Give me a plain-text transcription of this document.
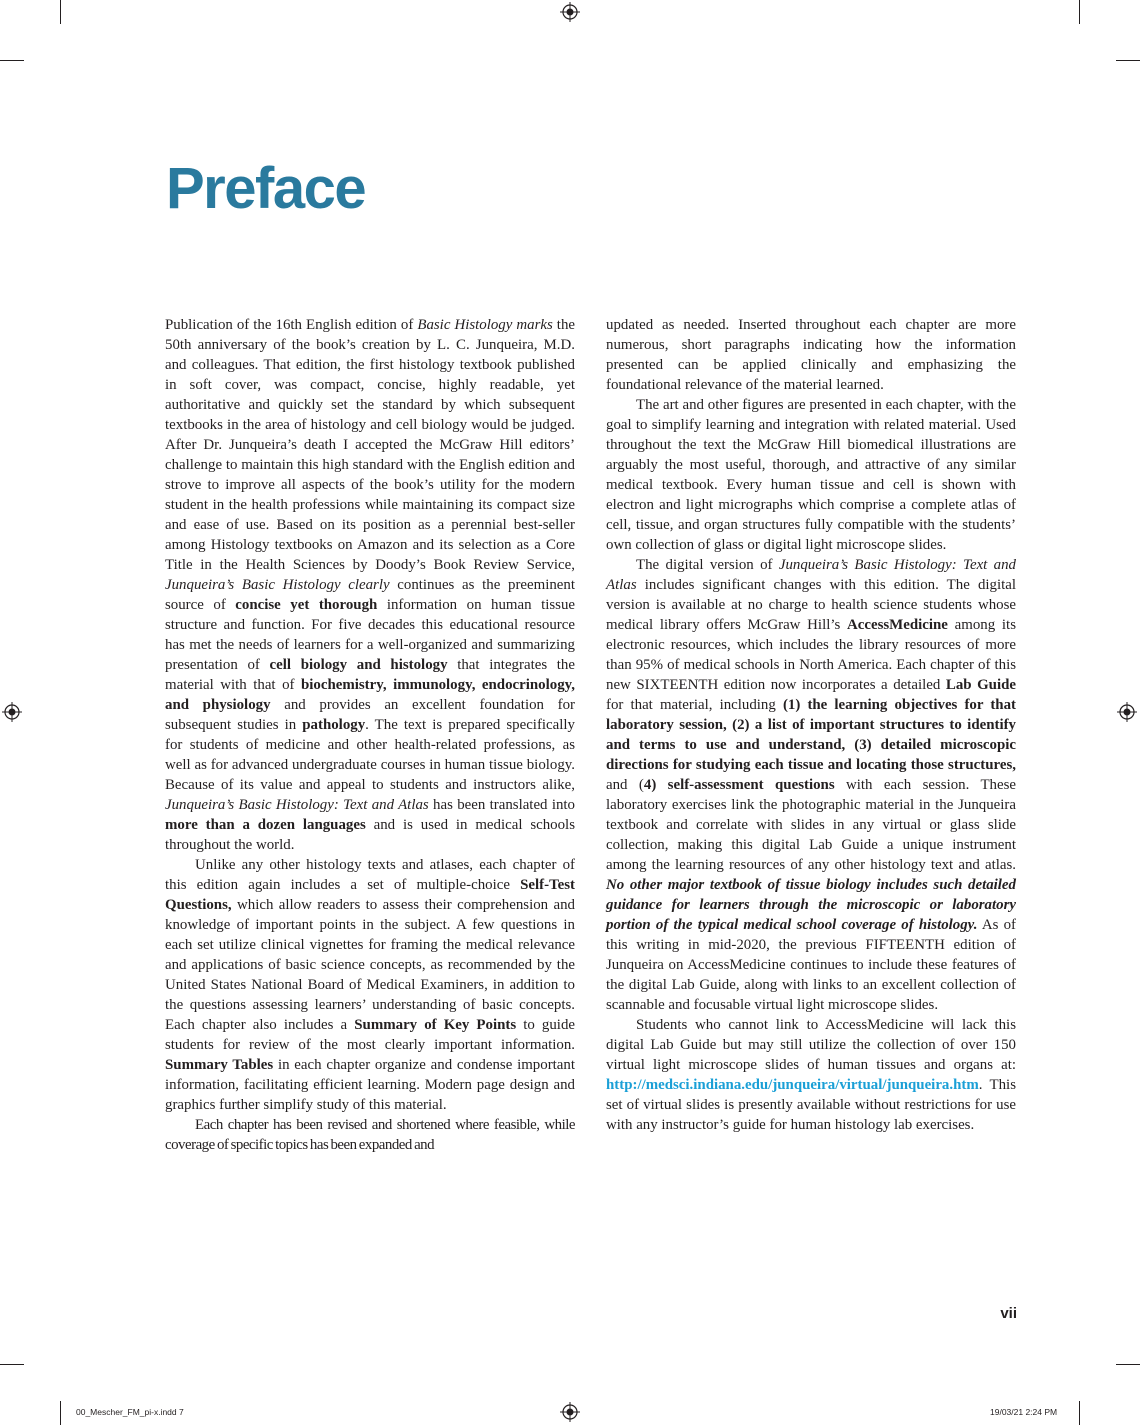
Preface

Publication of the 16th English edition of Basic Histology marks the 50th anniversary of the book’s creation by L. C. Junqueira, M.D. and colleagues. That edition, the first histology textbook published in soft cover, was compact, concise, highly readable, yet authoritative and quickly set the standard by which subsequent textbooks in the area of histology and cell biology would be judged. After Dr. Junqueira’s death I accepted the McGraw Hill editors’ challenge to maintain this high standard with the English edition and strove to improve all aspects of the book’s utility for the modern student in the health professions while maintaining its compact size and ease of use. Based on its position as a perennial best-seller among Histology textbooks on Amazon and its selection as a Core Title in the Health Sciences by Doody’s Book Review Service, Junqueira’s Basic Histology clearly continues as the preeminent source of concise yet thorough information on human tissue structure and function. For five decades this educational resource has met the needs of learners for a well-organized and summarizing presentation of cell biology and histology that integrates the material with that of biochemistry, immunology, endocrinology, and physiology and provides an excellent foundation for subsequent studies in pathology. The text is prepared specifically for students of medicine and other health-related professions, as well as for advanced undergraduate courses in human tissue biology. Because of its value and appeal to students and instructors alike, Junqueira’s Basic Histology: Text and Atlas has been translated into more than a dozen languages and is used in medical schools throughout the world.

Unlike any other histology texts and atlases, each chapter of this edition again includes a set of multiple-choice Self-Test Questions, which allow readers to assess their comprehension and knowledge of important points in the subject. A few questions in each set utilize clinical vignettes for framing the medical relevance and applications of basic science concepts, as recommended by the United States National Board of Medical Examiners, in addition to the questions assessing learners’ understanding of basic concepts. Each chapter also includes a Summary of Key Points to guide students for review of the most clearly important information. Summary Tables in each chapter organize and condense important information, facilitating efficient learning. Modern page design and graphics further simplify study of this material.

Each chapter has been revised and shortened where feasible, while coverage of specific topics has been expanded and

updated as needed. Inserted throughout each chapter are more numerous, short paragraphs indicating how the information presented can be applied clinically and emphasizing the foundational relevance of the material learned.

The art and other figures are presented in each chapter, with the goal to simplify learning and integration with related material. Used throughout the text the McGraw Hill biomedical illustrations are arguably the most useful, thorough, and attractive of any similar medical textbook. Every human tissue and cell is shown with electron and light micrographs which comprise a complete atlas of cell, tissue, and organ structures fully compatible with the students’ own collection of glass or digital light microscope slides.

The digital version of Junqueira’s Basic Histology: Text and Atlas includes significant changes with this edition. The digital version is available at no charge to health science students whose medical library offers McGraw Hill’s AccessMedicine among its electronic resources, which includes the library resources of more than 95% of medical schools in North America. Each chapter of this new SIXTEENTH edition now incorporates a detailed Lab Guide for that material, including (1) the learning objectives for that laboratory session, (2) a list of important structures to identify and terms to use and understand, (3) detailed microscopic directions for studying each tissue and locating those structures, and (4) self-assessment questions with each session. These laboratory exercises link the photographic material in the Junqueira textbook and correlate with slides in any virtual or glass slide collection, making this digital Lab Guide a unique instrument among the learning resources of any other histology text and atlas. No other major textbook of tissue biology includes such detailed guidance for learners through the microscopic or laboratory portion of the typical medical school coverage of histology. As of this writing in mid-2020, the previous FIFTEENTH edition of Junqueira on AccessMedicine continues to include these features of the digital Lab Guide, along with links to an excellent collection of scannable and focusable virtual light microscope slides.

Students who cannot link to AccessMedicine will lack this digital Lab Guide but may still utilize the collection of over 150 virtual light microscope slides of human tissues and organs at: http://medsci.indiana.edu/junqueira/virtual/junqueira.htm. This set of virtual slides is presently available without restrictions for use with any instructor’s guide for human histology lab exercises.

vii
00_Mescher_FM_pi-x.indd 7	19/03/21 2:24 PM
